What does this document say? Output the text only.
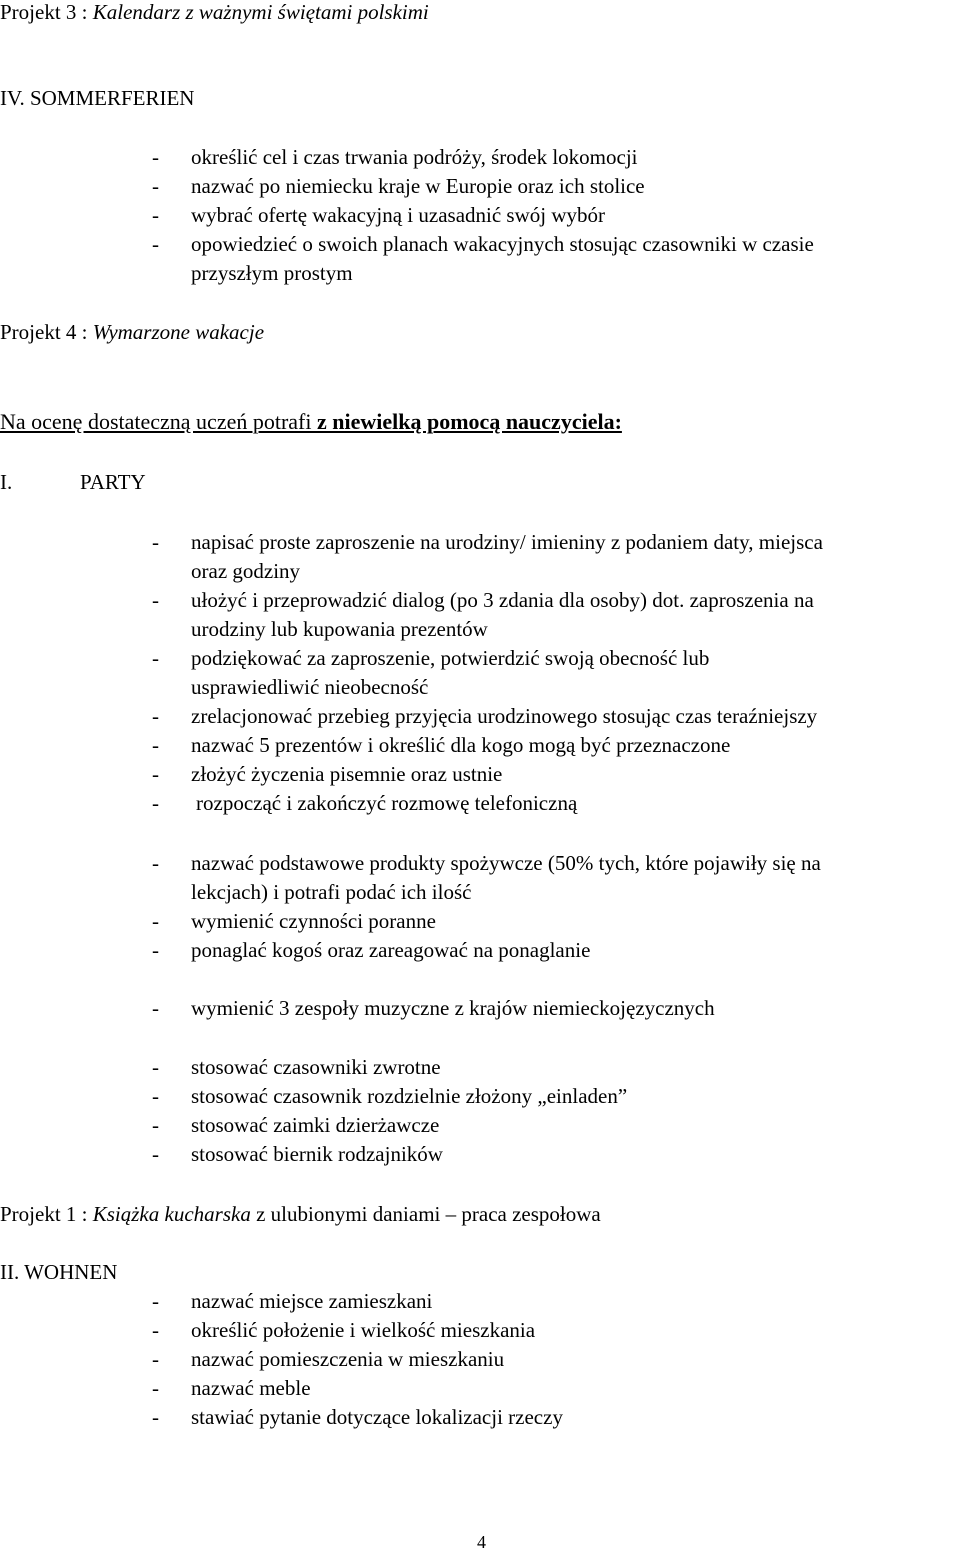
Projekt 3 : Kalendarz z ważnymi świętami polskimi
IV. SOMMERFERIEN
- określić cel i czas trwania podróży, środek lokomocji
- nazwać po niemiecku kraje w Europie oraz ich stolice
- wybrać ofertę wakacyjną i uzasadnić swój wybór
- opowiedzieć o swoich planach wakacyjnych stosując czasowniki w czasie
przyszłym prostym
Projekt 4 : Wymarzone wakacje
Na ocenę dostateczną uczeń potrafi z niewielką pomocą nauczyciela:
I.	PARTY
- napisać proste zaproszenie na urodziny/ imieniny z podaniem daty, miejsca
oraz godziny
- ułożyć i przeprowadzić dialog (po 3 zdania dla osoby) dot. zaproszenia na
urodziny lub kupowania prezentów
- podziękować za zaproszenie, potwierdzić swoją obecność lub
usprawiedliwić nieobecność
- zrelacjonować przebieg przyjęcia urodzinowego stosując czas teraźniejszy
- nazwać 5 prezentów i określić dla kogo mogą być przeznaczone
- złożyć życzenia pisemnie oraz ustnie
- rozpocząć i zakończyć rozmowę telefoniczną
- nazwać podstawowe produkty spożywcze (50% tych, które pojawiły się na
lekcjach) i potrafi podać ich ilość
- wymienić czynności poranne
- ponaglać kogoś oraz zareagować na ponaglanie
- wymienić 3 zespoły muzyczne z krajów niemieckojęzycznych
- stosować czasowniki zwrotne
- stosować czasownik rozdzielnie złożony „einladen”
- stosować zaimki dzierżawcze
- stosować biernik rodzajników
Projekt 1 : Książka kucharska z ulubionymi daniami – praca zespołowa
II. WOHNEN
- nazwać miejsce zamieszkani
- określić położenie i wielkość mieszkania
- nazwać pomieszczenia w mieszkaniu
- nazwać meble
- stawiać pytanie dotyczące lokalizacji rzeczy
4
